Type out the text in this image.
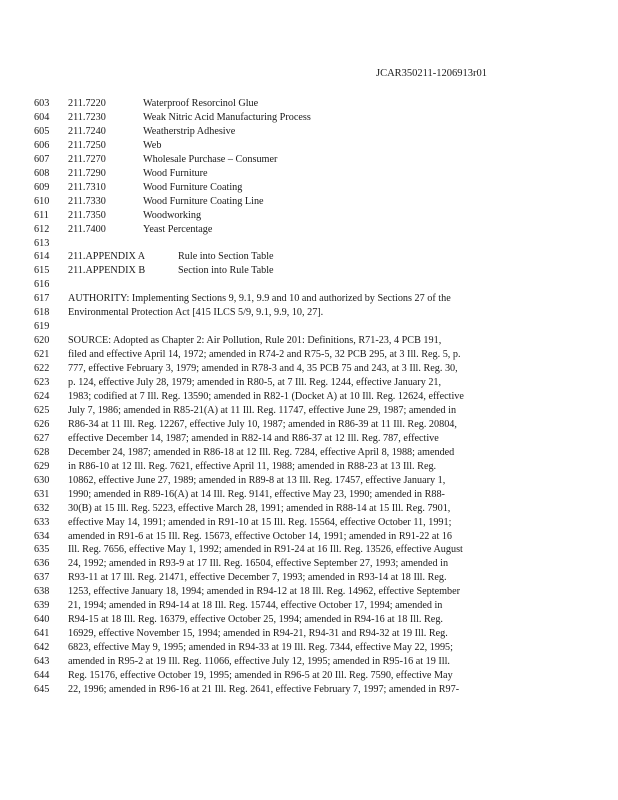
JCAR350211-1206913r01
603	211.7220	Waterproof Resorcinol Glue
604	211.7230	Weak Nitric Acid Manufacturing Process
605	211.7240	Weatherstrip Adhesive
606	211.7250	Web
607	211.7270	Wholesale Purchase – Consumer
608	211.7290	Wood Furniture
609	211.7310	Wood Furniture Coating
610	211.7330	Wood Furniture Coating Line
611	211.7350	Woodworking
612	211.7400	Yeast Percentage
613
614	211.APPENDIX A	Rule into Section Table
615	211.APPENDIX B	Section into Rule Table
616
617	AUTHORITY: Implementing Sections 9, 9.1, 9.9 and 10 and authorized by Sections 27 of the
618	Environmental Protection Act [415 ILCS 5/9, 9.1, 9.9, 10, 27].
619
620	SOURCE: Adopted as Chapter 2: Air Pollution, Rule 201: Definitions, R71-23, 4 PCB 191,
621	filed and effective April 14, 1972; amended in R74-2 and R75-5, 32 PCB 295, at 3 Ill. Reg. 5, p.
622	777, effective February 3, 1979; amended in R78-3 and 4, 35 PCB 75 and 243, at 3 Ill. Reg. 30,
623	p. 124, effective July 28, 1979; amended in R80-5, at 7 Ill. Reg. 1244, effective January 21,
624	1983; codified at 7 Ill. Reg. 13590; amended in R82-1 (Docket A) at 10 Ill. Reg. 12624, effective
625	July 7, 1986; amended in R85-21(A) at 11 Ill. Reg. 11747, effective June 29, 1987; amended in
626	R86-34 at 11 Ill. Reg. 12267, effective July 10, 1987; amended in R86-39 at 11 Ill. Reg. 20804,
627	effective December 14, 1987; amended in R82-14 and R86-37 at 12 Ill. Reg. 787, effective
628	December 24, 1987; amended in R86-18 at 12 Ill. Reg. 7284, effective April 8, 1988; amended
629	in R86-10 at 12 Ill. Reg. 7621, effective April 11, 1988; amended in R88-23 at 13 Ill. Reg.
630	10862, effective June 27, 1989; amended in R89-8 at 13 Ill. Reg. 17457, effective January 1,
631	1990; amended in R89-16(A) at 14 Ill. Reg. 9141, effective May 23, 1990; amended in R88-
632	30(B) at 15 Ill. Reg. 5223, effective March 28, 1991; amended in R88-14 at 15 Ill. Reg. 7901,
633	effective May 14, 1991; amended in R91-10 at 15 Ill. Reg. 15564, effective October 11, 1991;
634	amended in R91-6 at 15 Ill. Reg. 15673, effective October 14, 1991; amended in R91-22 at 16
635	Ill. Reg. 7656, effective May 1, 1992; amended in R91-24 at 16 Ill. Reg. 13526, effective August
636	24, 1992; amended in R93-9 at 17 Ill. Reg. 16504, effective September 27, 1993; amended in
637	R93-11 at 17 Ill. Reg. 21471, effective December 7, 1993; amended in R93-14 at 18 Ill. Reg.
638	1253, effective January 18, 1994; amended in R94-12 at 18 Ill. Reg. 14962, effective September
639	21, 1994; amended in R94-14 at 18 Ill. Reg. 15744, effective October 17, 1994; amended in
640	R94-15 at 18 Ill. Reg. 16379, effective October 25, 1994; amended in R94-16 at 18 Ill. Reg.
641	16929, effective November 15, 1994; amended in R94-21, R94-31 and R94-32 at 19 Ill. Reg.
642	6823, effective May 9, 1995; amended in R94-33 at 19 Ill. Reg. 7344, effective May 22, 1995;
643	amended in R95-2 at 19 Ill. Reg. 11066, effective July 12, 1995; amended in R95-16 at 19 Ill.
644	Reg. 15176, effective October 19, 1995; amended in R96-5 at 20 Ill. Reg. 7590, effective May
645	22, 1996; amended in R96-16 at 21 Ill. Reg. 2641, effective February 7, 1997; amended in R97-
